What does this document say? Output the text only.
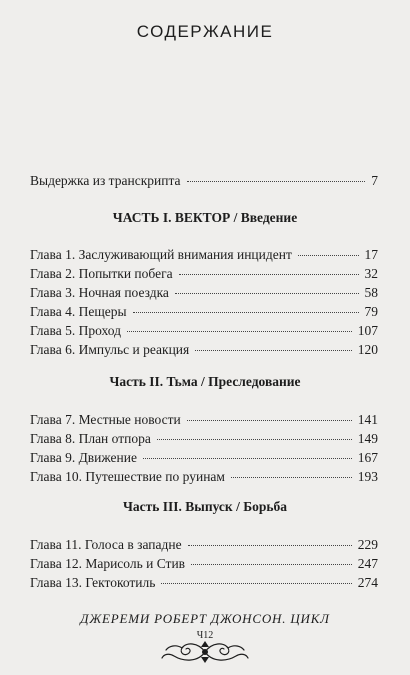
СОДЕРЖАНИЕ
Выдержка из транскрипта	7
ЧАСТЬ I. ВЕКТОР / Введение
Глава 1. Заслуживающий внимания инцидент	17
Глава 2. Попытки побега	32
Глава 3. Ночная поездка	58
Глава 4. Пещеры	79
Глава 5. Проход	107
Глава 6. Импульс и реакция	120
Часть II. Тьма / Преследование
Глава 7. Местные новости	141
Глава 8. План отпора	149
Глава 9. Движение	167
Глава 10. Путешествие по руинам	193
Часть III. Выпуск / Борьба
Глава 11. Голоса в западне	229
Глава 12. Марисоль и Стив	247
Глава 13. Гектокотиль	274
ДЖЕРЕМИ РОБЕРТ ДЖОНСОН. ЦИКЛ
Ч12
